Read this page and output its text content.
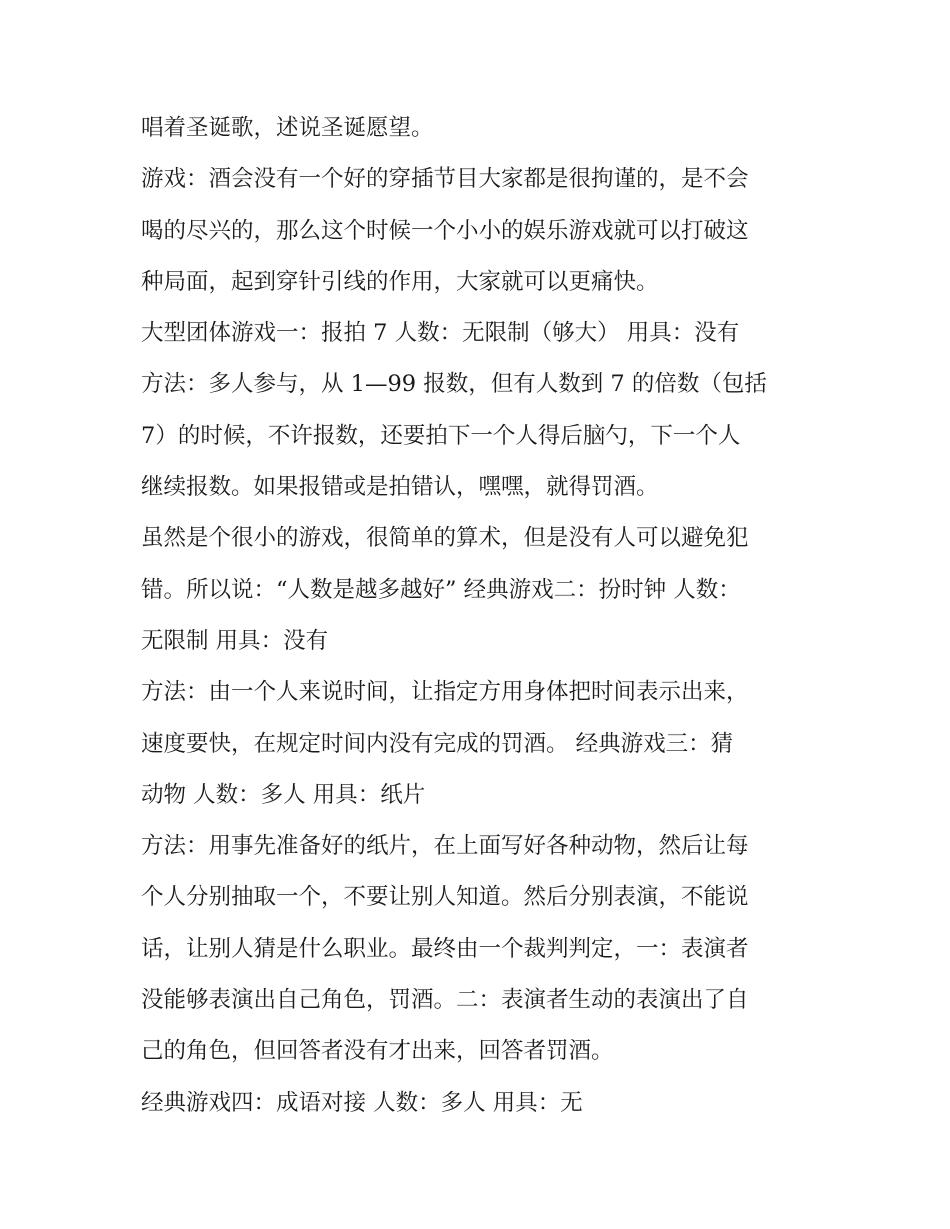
唱着圣诞歌，述说圣诞愿望。
游戏：酒会没有一个好的穿插节目大家都是很拘谨的，是不会
喝的尽兴的，那么这个时候一个小小的娱乐游戏就可以打破这
种局面，起到穿针引线的作用，大家就可以更痛快。
大型团体游戏一：报拍 7 人数：无限制（够大） 用具：没有
方法：多人参与，从 1—99 报数，但有人数到 7 的倍数（包括
7）的时候，不许报数，还要拍下一个人得后脑勺，下一个人
继续报数。如果报错或是拍错认，嘿嘿，就得罚酒。
虽然是个很小的游戏，很简单的算术，但是没有人可以避免犯
错。所以说：“人数是越多越好” 经典游戏二：扮时钟 人数：
无限制 用具：没有
方法：由一个人来说时间，让指定方用身体把时间表示出来，
速度要快，在规定时间内没有完成的罚酒。 经典游戏三：猜
动物 人数：多人 用具：纸片
方法：用事先准备好的纸片，在上面写好各种动物，然后让每
个人分别抽取一个，不要让别人知道。然后分别表演，不能说
话，让别人猜是什么职业。最终由一个裁判判定，一：表演者
没能够表演出自己角色，罚酒。二：表演者生动的表演出了自
己的角色，但回答者没有才出来，回答者罚酒。
经典游戏四：成语对接 人数：多人 用具：无
